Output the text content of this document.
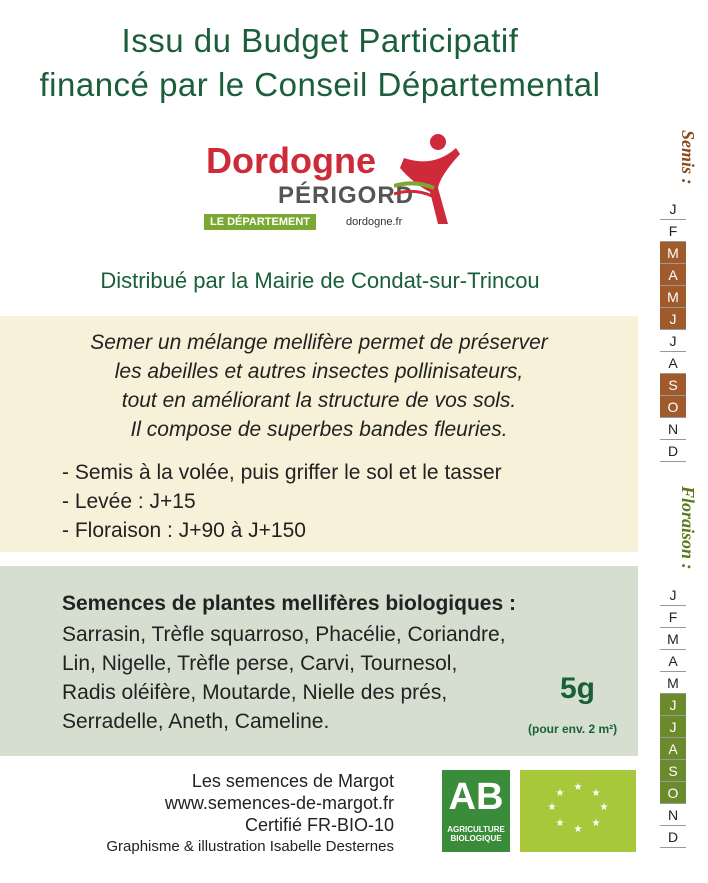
Issu du Budget Participatif
financé par le Conseil Départemental
Dordogne
PÉRIGORD
LE DÉPARTEMENT	dordogne.fr
Distribué par la Mairie de Condat-sur-Trincou
Semer un mélange mellifère permet de préserver
les abeilles et autres insectes pollinisateurs,
tout en améliorant la structure de vos sols.
Il compose de superbes bandes fleuries.
- Semis à la volée, puis griffer le sol et le tasser
- Levée : J+15
- Floraison : J+90 à J+150
Semences de plantes mellifères biologiques :
Sarrasin, Trèfle squarroso, Phacélie, Coriandre,
Lin, Nigelle, Trèfle perse, Carvi, Tournesol,
Radis oléifère, Moutarde, Nielle des prés,
Serradelle, Aneth, Cameline.
5g
(pour env. 2 m²)
Les semences de Margot
www.semences-de-margot.fr
Certifié FR-BIO-10
Graphisme & illustration Isabelle Desternes
AB
AGRICULTURE
BIOLOGIQUE
★
★
★
★
★
★
★
★
Semis :
J
F
M
A
M
J
J
A
S
O
N
D
Floraison :
J
F
M
A
M
J
J
A
S
O
N
D
